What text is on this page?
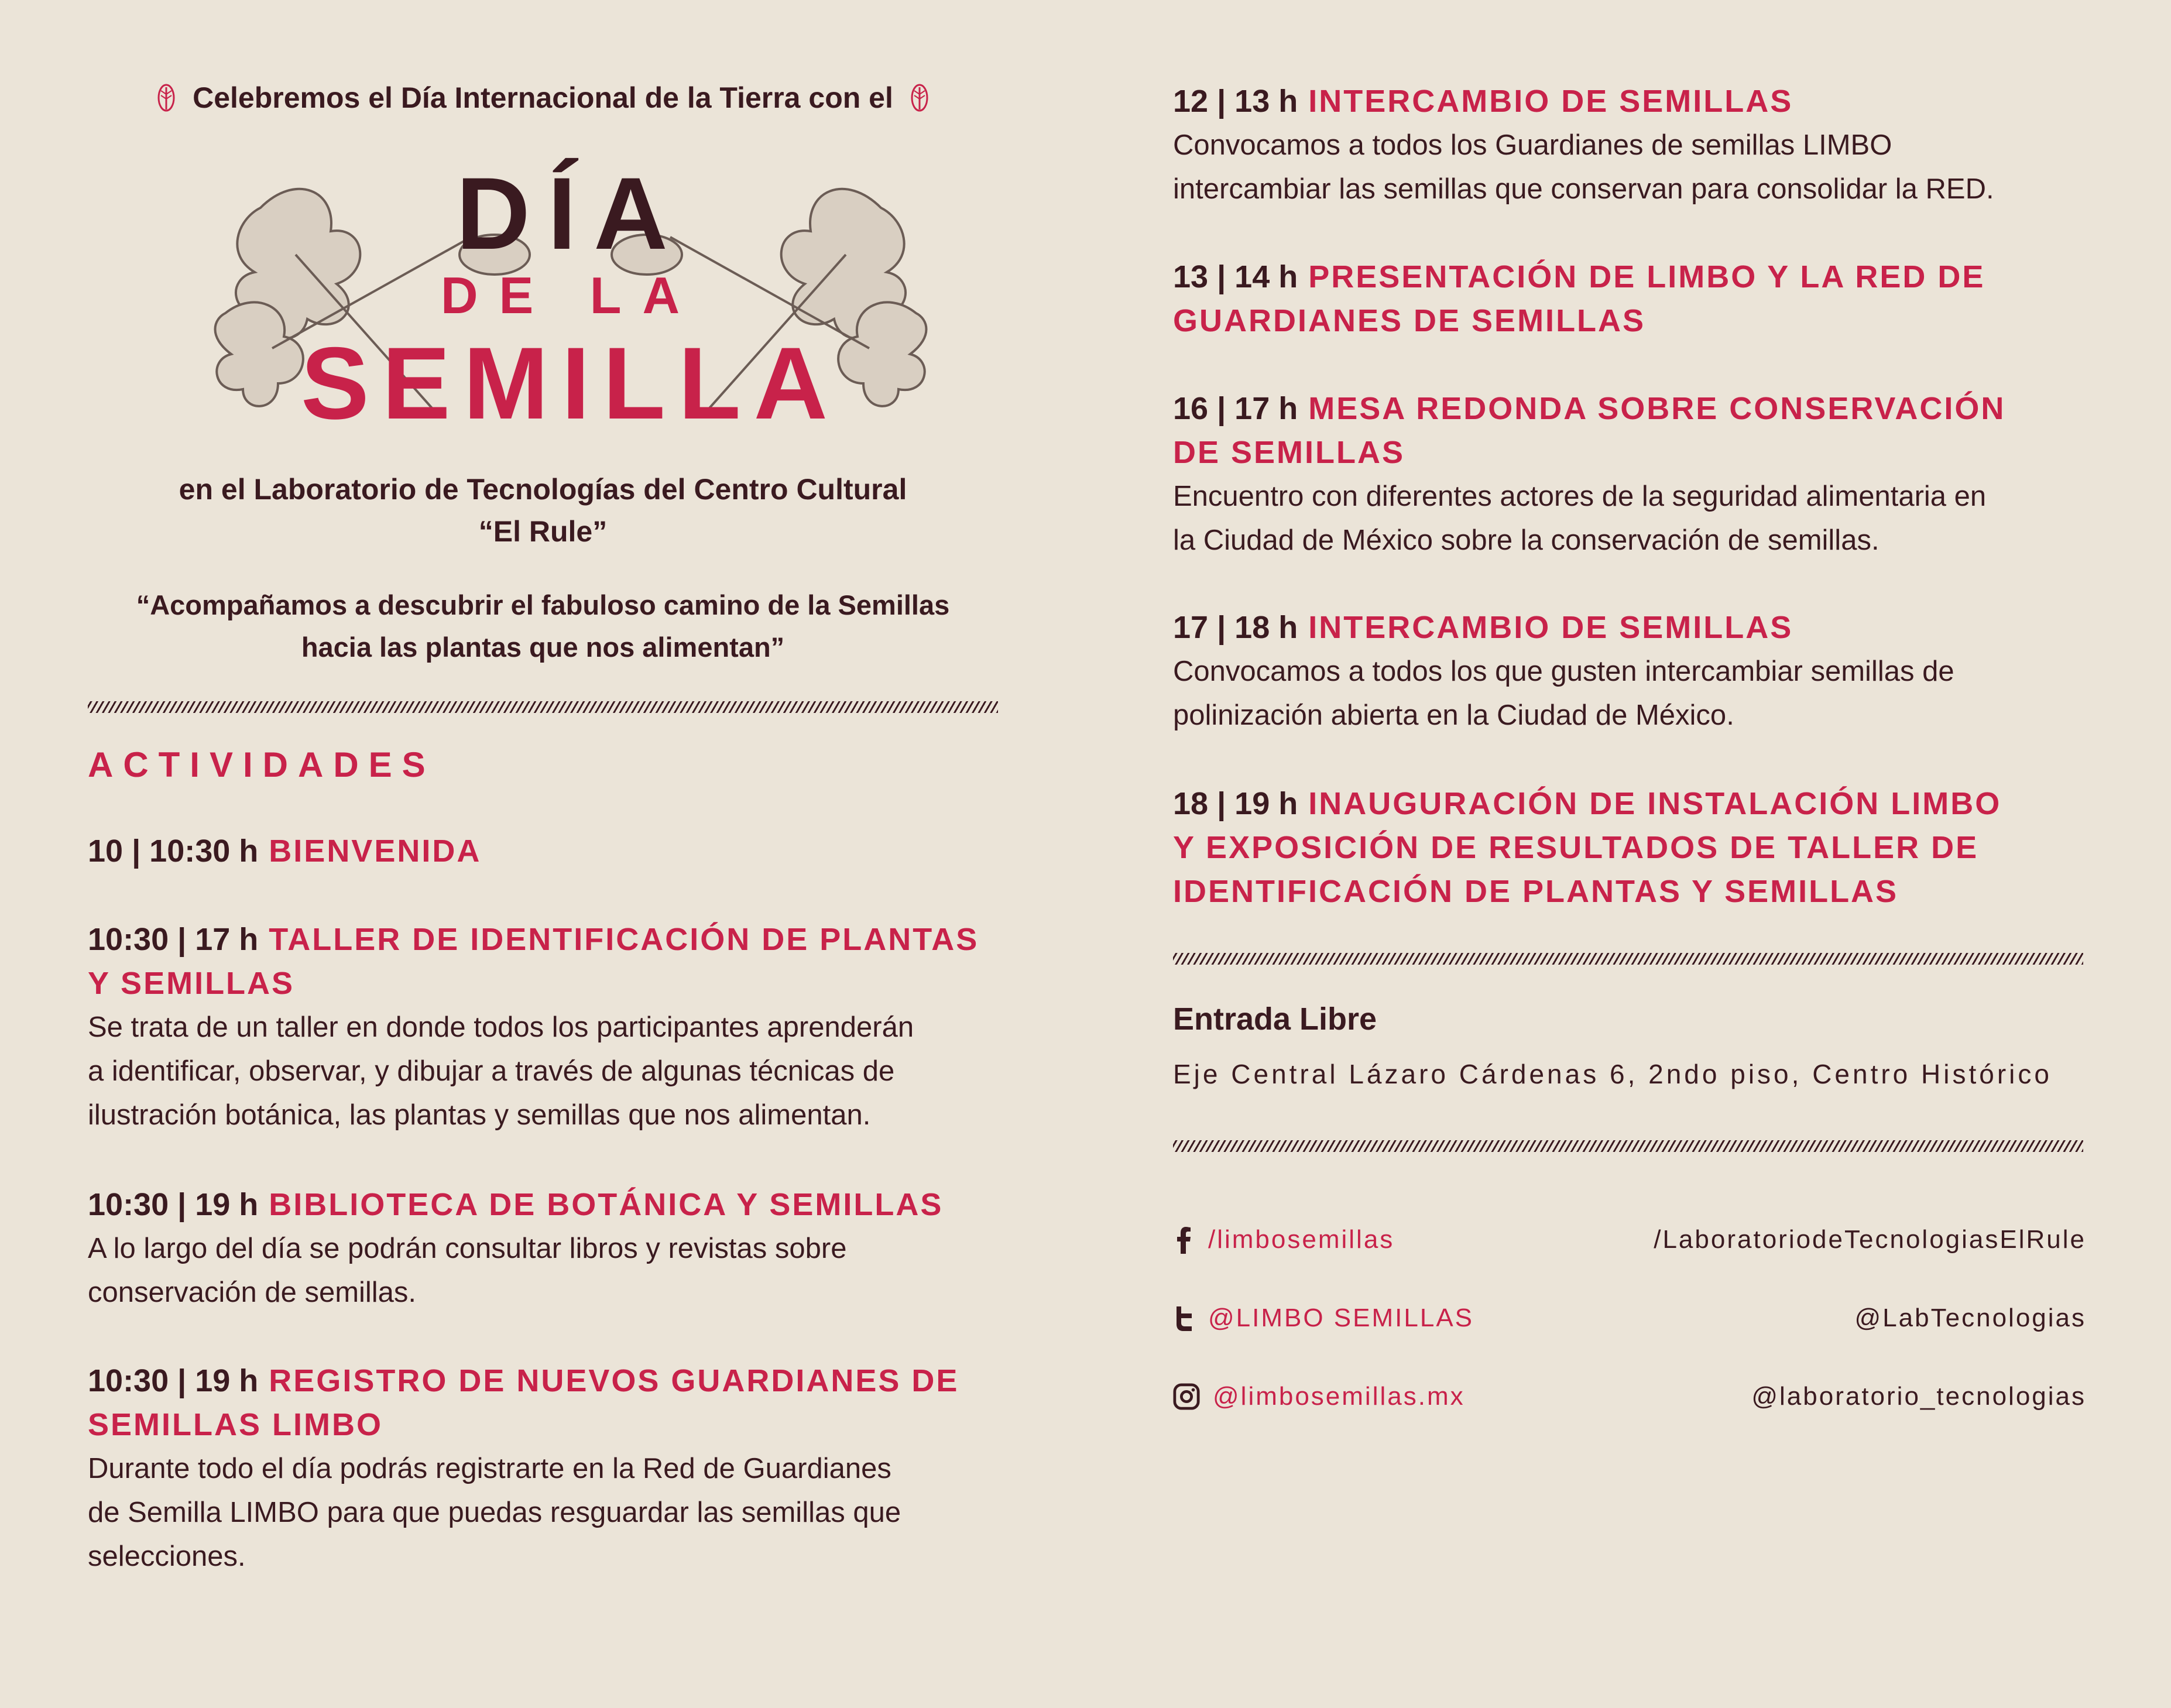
Celebremos el Día Internacional de la Tierra con el
DÍA
DE LA
SEMILLA
en el Laboratorio de Tecnologías del Centro Cultural
“El Rule”
“Acompañamos a descubrir el fabuloso camino de la Semillas
hacia las plantas que nos alimentan”
ACTIVIDADES
10 | 10:30 h BIENVENIDA
10:30 | 17 h TALLER DE IDENTIFICACIÓN DE PLANTAS
Y SEMILLAS
Se trata de un taller en donde todos los participantes aprenderán
a identificar, observar, y dibujar a través de algunas técnicas de
ilustración botánica, las plantas y semillas que nos alimentan.
10:30 | 19 h BIBLIOTECA DE BOTÁNICA Y SEMILLAS
A lo largo del día se podrán consultar libros y revistas sobre
conservación de semillas.
10:30 | 19 h REGISTRO DE NUEVOS GUARDIANES DE
SEMILLAS LIMBO
Durante todo el día podrás registrarte en la Red de Guardianes
de Semilla LIMBO para que puedas resguardar las semillas que
selecciones.
12 | 13 h INTERCAMBIO DE SEMILLAS
Convocamos a todos los Guardianes de semillas LIMBO
intercambiar las semillas que conservan para consolidar la RED.
13 | 14 h PRESENTACIÓN DE LIMBO Y LA RED DE
GUARDIANES DE SEMILLAS
16 | 17 h MESA REDONDA SOBRE CONSERVACIÓN
DE SEMILLAS
Encuentro con diferentes actores de la seguridad alimentaria en
la Ciudad de México sobre la conservación de semillas.
17 | 18 h INTERCAMBIO DE SEMILLAS
Convocamos a todos los que gusten intercambiar semillas de
polinización abierta en la Ciudad de México.
18 | 19 h INAUGURACIÓN DE INSTALACIÓN LIMBO
Y EXPOSICIÓN DE RESULTADOS DE TALLER DE
IDENTIFICACIÓN DE PLANTAS Y SEMILLAS
Entrada Libre
Eje Central Lázaro Cárdenas 6, 2ndo piso, Centro Histórico
/limbosemillas	/LaboratoriodeTecnologiasElRule
@LIMBO SEMILLAS	@LabTecnologias
@limbosemillas.mx	@laboratorio_tecnologias
